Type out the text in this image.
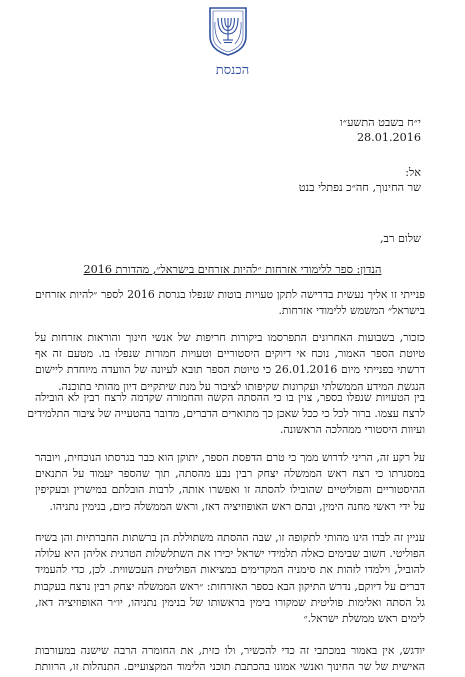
הכנסת
י״ח בשבט התשע״ו
28.01.2016
אל:
שר החינוך, חה״כ נפתלי בנט
שלום רב,
הנדון: ספר ללימודי אזרחות ״להיות אזרחים בישראל״, מהדורת 2016
פנייתי זו אליך נעשית בדרישה לתקן טעויות בוטות שנפלו בגרסת 2016 לספר ״להיות אזרחים
בישראל״ המשמש ללימודי אזרחות.
כזכור, בשבועות האחרונים התפרסמו ביקורות חריפות של אנשי חינוך והוראות אזרחות על
טיוטת הספר האמור, נוכח אי דיוקים היסטוריים וטעויות חמורות שנפלו בו. מטעם זה אף
דרשתי בפנייתי מיום 26.01.2016 כי טיוטת הספר תובא לעיונה של הוועדה מיוחדת ליישום
הנגשת המידע הממשלתי ועקרונות שקיפותו לציבור על מנת שיתקיים דיון מהותי בתוכנה.
בין הטעויות שנפלו בספר, צוין בו כי ההסתה הקשה והחמורה שקדמה לרצח רבין לא הובילה
לרצח עצמו. ברור לכל כי ככל שאכן כך מתוארים הדברים, מדובר בהטעייה של ציבור התלמידים
ועיוות היסטורי ממהלכה הראשונה.
על רקע זה, הריני לדרוש ממך כי טרם הדפסת הספר, יתוקן הוא כבר בגרסתו הנוכחית, ויובהר
במסגרתו כי רצח ראש הממשלה יצחק רבין נבע מהסתה, תוך שהספר יעמוד על התנאים
ההיסטוריים והפוליטיים שהובילו להסתה זו ואפשרו אותה, לרבות הובלתם במישרין ובעקיפין
על ידי ראשי מחנה הימין, ובהם ראש האופוזיציה דאז, וראש הממשלה כיום, בנימין נתניהו.
עניין זה לבדו הינו מהותי לתקופה זו, שבה ההסתה משתוללת הן ברשתות החברתיות והן בשיח
הפוליטי. חשוב שבימים כאלה תלמידי ישראל יכירו את השתלשלות הטרגית אליהן היא עלולה
להוביל, וילמדו לזהות את סימניה המקדימים במציאות הפוליטית העכשווית. לכן, כדי להעמיד
דברים על דיוקם, נדרש התיקון הבא בספר האזרחות: ״ראש הממשלה יצחק רבין נרצח בעקבות
גל הסתה ואלימות פוליטית שמקורו בימין בראשותו של בנימין נתניהו, יו״ר האופוזיציה דאז,
לימים ראש ממשלת ישראל.״
יודגש, אין באמור במכתבי זה כדי להכשיר, ולו כזית, את החומרה הרבה שישנה במעורבות
האישית של שר החינוך ואנשי אמונו בהכתבת תוכני הלימוד המקצועיים. התנהלות זו, הרוותת
